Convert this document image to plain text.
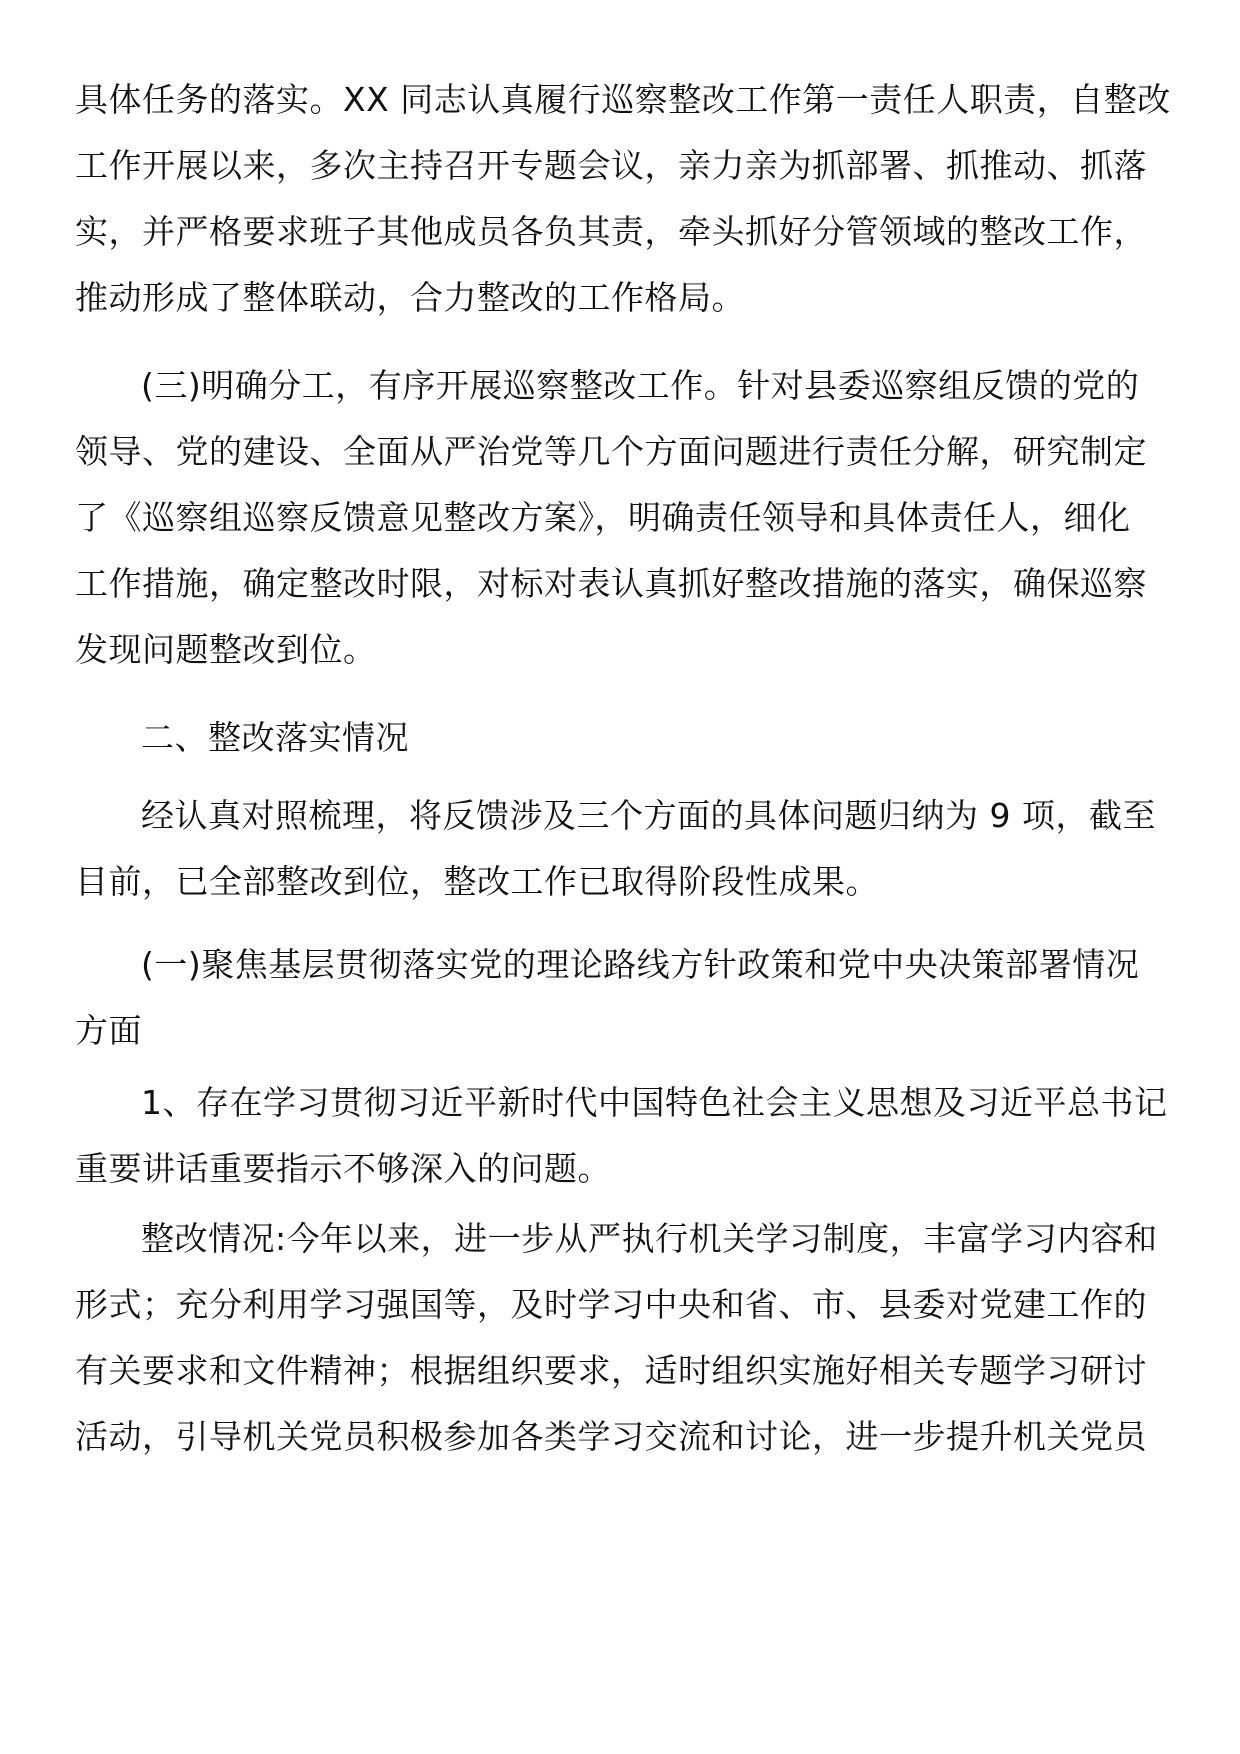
具体任务的落实。XX 同志认真履行巡察整改工作第一责任人职责，自整改
工作开展以来，多次主持召开专题会议，亲力亲为抓部署、抓推动、抓落
实，并严格要求班子其他成员各负其责，牵头抓好分管领域的整改工作，
推动形成了整体联动，合力整改的工作格局。
(三)明确分工，有序开展巡察整改工作。针对县委巡察组反馈的党的
领导、党的建设、全面从严治党等几个方面问题进行责任分解，研究制定
了《巡察组巡察反馈意见整改方案》，明确责任领导和具体责任人，细化
工作措施，确定整改时限，对标对表认真抓好整改措施的落实，确保巡察
发现问题整改到位。
二、整改落实情况
经认真对照梳理，将反馈涉及三个方面的具体问题归纳为 9 项，截至
目前，已全部整改到位，整改工作已取得阶段性成果。
(一)聚焦基层贯彻落实党的理论路线方针政策和党中央决策部署情况
方面
1、存在学习贯彻习近平新时代中国特色社会主义思想及习近平总书记
重要讲话重要指示不够深入的问题。
整改情况:今年以来，进一步从严执行机关学习制度，丰富学习内容和
形式；充分利用学习强国等，及时学习中央和省、市、县委对党建工作的
有关要求和文件精神；根据组织要求，适时组织实施好相关专题学习研讨
活动，引导机关党员积极参加各类学习交流和讨论，进一步提升机关党员
